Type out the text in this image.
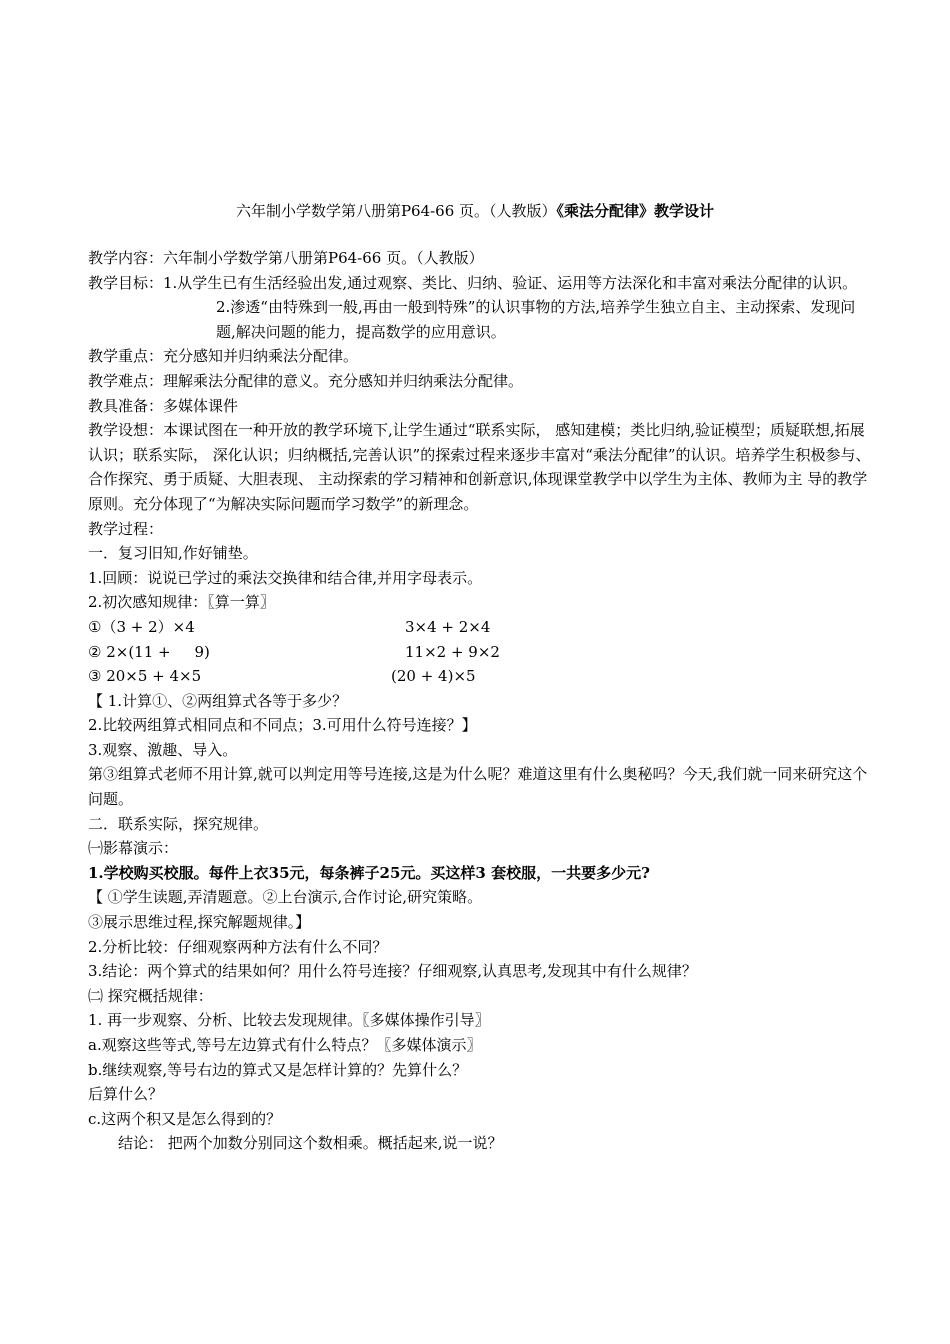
六年制小学数学第八册第P64-66 页。（人教版）《乘法分配律》教学设计
教学内容：六年制小学数学第八册第P64-66 页。（人教版）
教学目标：1.从学生已有生活经验出发,通过观察、类比、归纳、验证、运用等方法深化和丰富对乘法分配律的认识。
2.渗透“由特殊到一般,再由一般到特殊”的认识事物的方法,培养学生独立自主、主动探索、发现问题,解决问题的能力，提高数学的应用意识。
教学重点：充分感知并归纳乘法分配律。
教学难点：理解乘法分配律的意义。充分感知并归纳乘法分配律。
教具准备：多媒体课件
教学设想：本课试图在一种开放的教学环境下,让学生通过“联系实际， 感知建模；类比归纳,验证模型；质疑联想,拓展认识；联系实际， 深化认识；归纳概括,完善认识”的探索过程来逐步丰富对“乘法分配律”的认识。培养学生积极参与、合作探究、勇于质疑、大胆表现、 主动探索的学习精神和创新意识,体现课堂教学中以学生为主体、教师为主 导的教学原则。充分体现了“为解决实际问题而学习数学”的新理念。
教学过程：
一．复习旧知,作好铺垫。
1.回顾：说说已学过的乘法交换律和结合律,并用字母表示。
2.初次感知规律：〖算一算〗
①（3 + 2）×4	3×4 + 2×4
② 2×(11 +     9)	11×2 + 9×2
③ 20×5 + 4×5	(20 + 4)×5
【 1.计算①、②两组算式各等于多少？
2.比较两组算式相同点和不同点；3.可用什么符号连接？】
3.观察、激趣、导入。
第③组算式老师不用计算,就可以判定用等号连接,这是为什么呢？难道这里有什么奥秘吗？今天,我们就一同来研究这个问题。
二．联系实际，探究规律。
㈠影幕演示：
1.学校购买校服。每件上衣35元，每条裤子25元。买这样3 套校服，一共要多少元?
【 ①学生读题,弄清题意。②上台演示,合作讨论,研究策略。
③展示思维过程,探究解题规律。】
2.分析比较：仔细观察两种方法有什么不同？
3.结论：两个算式的结果如何？用什么符号连接？仔细观察,认真思考,发现其中有什么规律？
㈡ 探究概括规律：
1. 再一步观察、分析、比较去发现规律。〖多媒体操作引导〗
a.观察这些等式,等号左边算式有什么特点？〖多媒体演示〗
b.继续观察,等号右边的算式又是怎样计算的？先算什么？
后算什么？
c.这两个积又是怎么得到的？
结论： 把两个加数分别同这个数相乘。概括起来,说一说？
